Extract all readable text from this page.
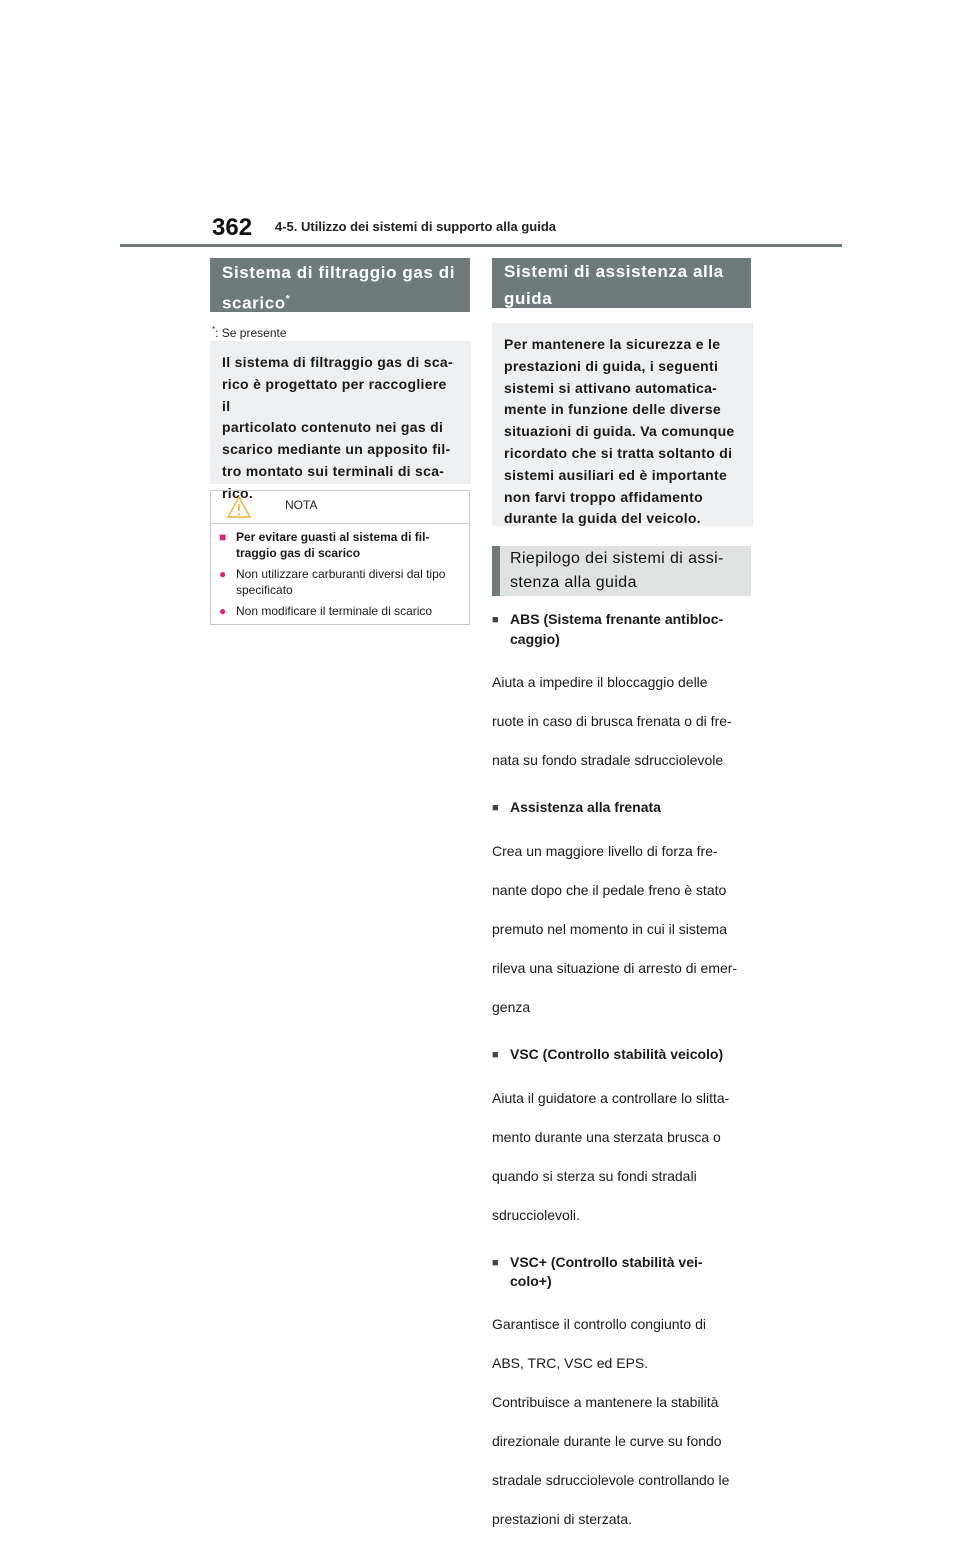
362 4-5. Utilizzo dei sistemi di supporto alla guida
Sistema di filtraggio gas di
scarico*
*: Se presente
Il sistema di filtraggio gas di sca-
rico è progettato per raccogliere il
particolato contenuto nei gas di
scarico mediante un apposito fil-
tro montato sui terminali di sca-
rico.
NOTA
■ Per evitare guasti al sistema di fil-
traggio gas di scarico
● Non utilizzare carburanti diversi dal tipo
specificato
● Non modificare il terminale di scarico
Sistemi di assistenza alla
guida
Per mantenere la sicurezza e le
prestazioni di guida, i seguenti
sistemi si attivano automatica-
mente in funzione delle diverse
situazioni di guida. Va comunque
ricordato che si tratta soltanto di
sistemi ausiliari ed è importante
non farvi troppo affidamento
durante la guida del veicolo.
Riepilogo dei sistemi di assi-
stenza alla guida
■ ABS (Sistema frenante antibloc-
caggio)

Aiuta a impedire il bloccaggio delle

ruote in caso di brusca frenata o di fre-

nata su fondo stradale sdrucciolevole

■ Assistenza alla frenata

Crea un maggiore livello di forza fre-

nante dopo che il pedale freno è stato

premuto nel momento in cui il sistema

rileva una situazione di arresto di emer-

genza

■ VSC (Controllo stabilità veicolo)

Aiuta il guidatore a controllare lo slitta-

mento durante una sterzata brusca o

quando si sterza su fondi stradali

sdrucciolevoli.

■ VSC+ (Controllo stabilità vei-
colo+)

Garantisce il controllo congiunto di

ABS, TRC, VSC ed EPS.

Contribuisce a mantenere la stabilità

direzionale durante le curve su fondo

stradale sdrucciolevole controllando le

prestazioni di sterzata.
